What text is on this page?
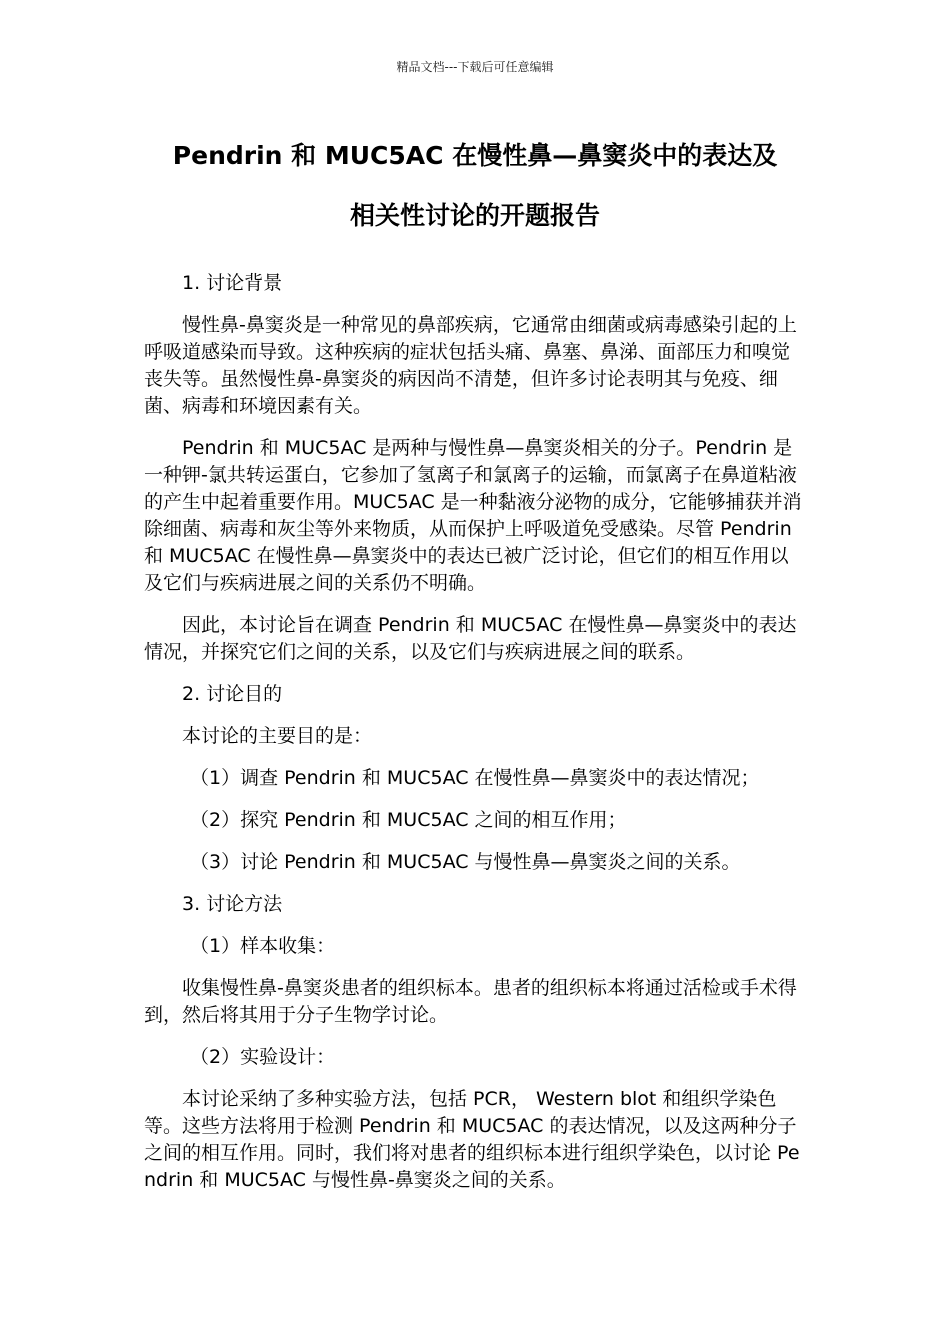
精品文档---下载后可任意编辑
Pendrin 和 MUC5AC 在慢性鼻—鼻窦炎中的表达及
相关性讨论的开题报告

1. 讨论背景

慢性鼻-鼻窦炎是一种常见的鼻部疾病，它通常由细菌或病毒感染引起的上呼吸道感染而导致。这种疾病的症状包括头痛、鼻塞、鼻涕、面部压力和嗅觉丧失等。虽然慢性鼻-鼻窦炎的病因尚不清楚，但许多讨论表明其与免疫、细菌、病毒和环境因素有关。

Pendrin 和 MUC5AC 是两种与慢性鼻—鼻窦炎相关的分子。Pendrin 是一种钾-氯共转运蛋白，它参加了氢离子和氯离子的运输，而氯离子在鼻道粘液的产生中起着重要作用。MUC5AC 是一种黏液分泌物的成分，它能够捕获并消除细菌、病毒和灰尘等外来物质，从而保护上呼吸道免受感染。尽管 Pendrin 和 MUC5AC 在慢性鼻—鼻窦炎中的表达已被广泛讨论，但它们的相互作用以及它们与疾病进展之间的关系仍不明确。

因此，本讨论旨在调查 Pendrin 和 MUC5AC 在慢性鼻—鼻窦炎中的表达情况，并探究它们之间的关系，以及它们与疾病进展之间的联系。

2. 讨论目的

本讨论的主要目的是：

（1）调查 Pendrin 和 MUC5AC 在慢性鼻—鼻窦炎中的表达情况；

（2）探究 Pendrin 和 MUC5AC 之间的相互作用；

（3）讨论 Pendrin 和 MUC5AC 与慢性鼻—鼻窦炎之间的关系。

3. 讨论方法

（1）样本收集：

收集慢性鼻-鼻窦炎患者的组织标本。患者的组织标本将通过活检或手术得到，然后将其用于分子生物学讨论。

（2）实验设计：

本讨论采纳了多种实验方法，包括 PCR， Western blot 和组织学染色等。这些方法将用于检测 Pendrin 和 MUC5AC 的表达情况，以及这两种分子之间的相互作用。同时，我们将对患者的组织标本进行组织学染色，以讨论 Pendrin 和 MUC5AC 与慢性鼻-鼻窦炎之间的关系。
